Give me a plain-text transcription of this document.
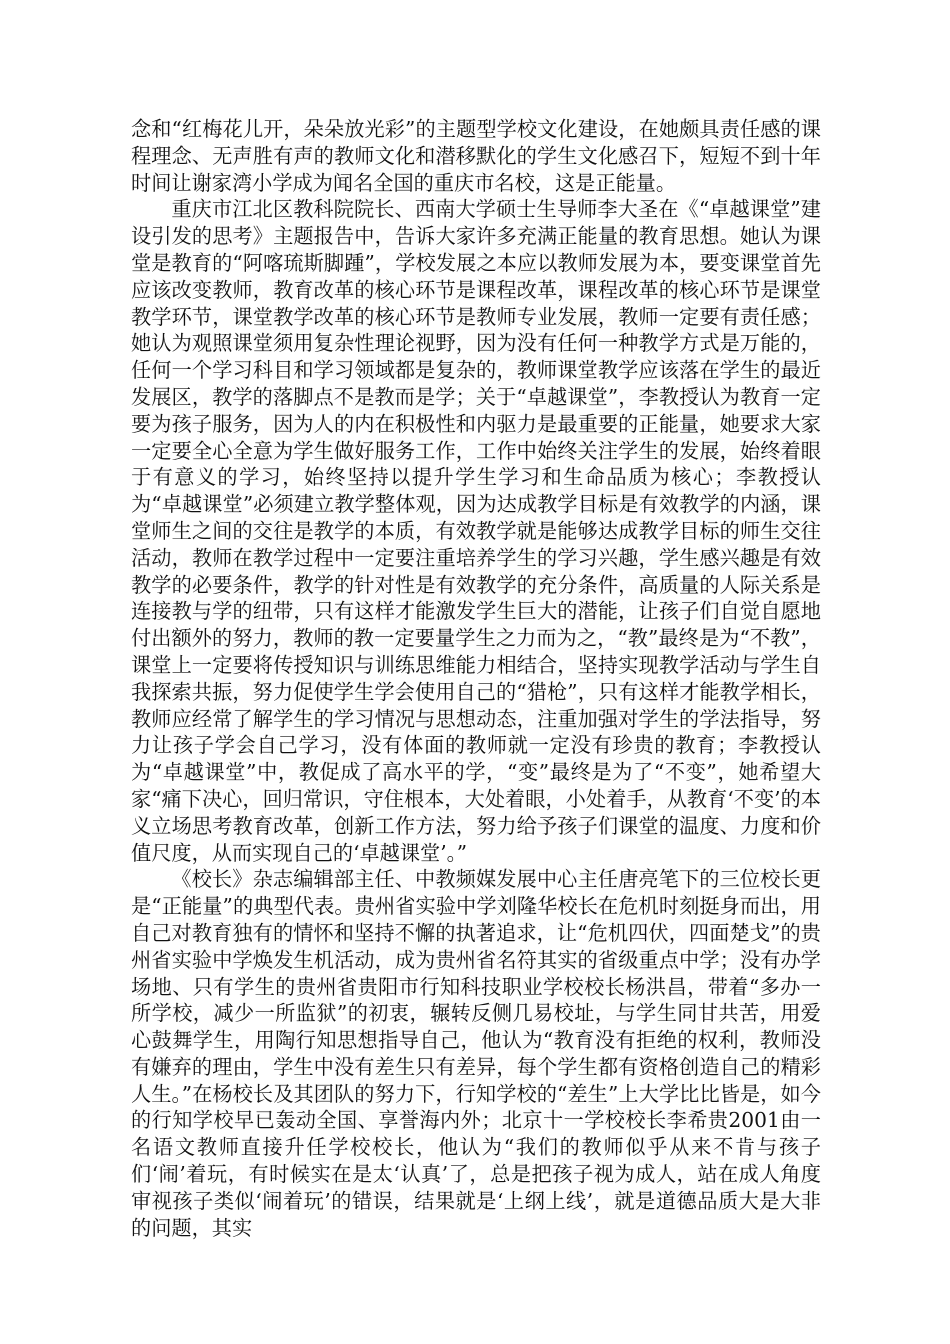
念和“红梅花儿开，朵朵放光彩”的主题型学校文化建设，在她颇具责任感的课程理念、无声胜有声的教师文化和潜移默化的学生文化感召下，短短不到十年时间让谢家湾小学成为闻名全国的重庆市名校，这是正能量。

重庆市江北区教科院院长、西南大学硕士生导师李大圣在《“卓越课堂”建设引发的思考》主题报告中，告诉大家许多充满正能量的教育思想。她认为课堂是教育的“阿喀琉斯脚踵”，学校发展之本应以教师发展为本，要变课堂首先应该改变教师，教育改革的核心环节是课程改革，课程改革的核心环节是课堂教学环节，课堂教学改革的核心环节是教师专业发展，教师一定要有责任感；她认为观照课堂须用复杂性理论视野，因为没有任何一种教学方式是万能的，任何一个学习科目和学习领域都是复杂的，教师课堂教学应该落在学生的最近发展区，教学的落脚点不是教而是学；关于“卓越课堂”，李教授认为教育一定要为孩子服务，因为人的内在积极性和内驱力是最重要的正能量，她要求大家一定要全心全意为学生做好服务工作，工作中始终关注学生的发展，始终着眼于有意义的学习，始终坚持以提升学生学习和生命品质为核心；李教授认为“卓越课堂”必须建立教学整体观，因为达成教学目标是有效教学的内涵，课堂师生之间的交往是教学的本质，有效教学就是能够达成教学目标的师生交往活动，教师在教学过程中一定要注重培养学生的学习兴趣，学生感兴趣是有效教学的必要条件，教学的针对性是有效教学的充分条件，高质量的人际关系是连接教与学的纽带，只有这样才能激发学生巨大的潜能，让孩子们自觉自愿地付出额外的努力，教师的教一定要量学生之力而为之，“教”最终是为“不教”，课堂上一定要将传授知识与训练思维能力相结合，坚持实现教学活动与学生自我探索共振，努力促使学生学会使用自己的“猎枪”，只有这样才能教学相长，教师应经常了解学生的学习情况与思想动态，注重加强对学生的学法指导，努力让孩子学会自己学习，没有体面的教师就一定没有珍贵的教育；李教授认为“卓越课堂”中，教促成了高水平的学，“变”最终是为了“不变”，她希望大家“痛下决心，回归常识，守住根本，大处着眼，小处着手，从教育‘不变’的本义立场思考教育改革，创新工作方法，努力给予孩子们课堂的温度、力度和价值尺度，从而实现自己的‘卓越课堂’。”

《校长》杂志编辑部主任、中教频媒发展中心主任唐亮笔下的三位校长更是“正能量”的典型代表。贵州省实验中学刘隆华校长在危机时刻挺身而出，用自己对教育独有的情怀和坚持不懈的执著追求，让“危机四伏，四面楚戈”的贵州省实验中学焕发生机活动，成为贵州省名符其实的省级重点中学；没有办学场地、只有学生的贵州省贵阳市行知科技职业学校校长杨洪昌，带着“多办一所学校，减少一所监狱”的初衷，辗转反侧几易校址，与学生同甘共苦，用爱心鼓舞学生，用陶行知思想指导自己，他认为“教育没有拒绝的权利，教师没有嫌弃的理由，学生中没有差生只有差异，每个学生都有资格创造自己的精彩人生。”在杨校长及其团队的努力下，行知学校的“差生”上大学比比皆是，如今的行知学校早已轰动全国、享誉海内外；北京十一学校校长李希贵2001由一名语文教师直接升任学校校长，他认为“我们的教师似乎从来不肯与孩子们‘闹’着玩，有时候实在是太‘认真’了，总是把孩子视为成人，站在成人角度审视孩子类似‘闹着玩’的错误，结果就是‘上纲上线’，就是道德品质大是大非的问题，其实
